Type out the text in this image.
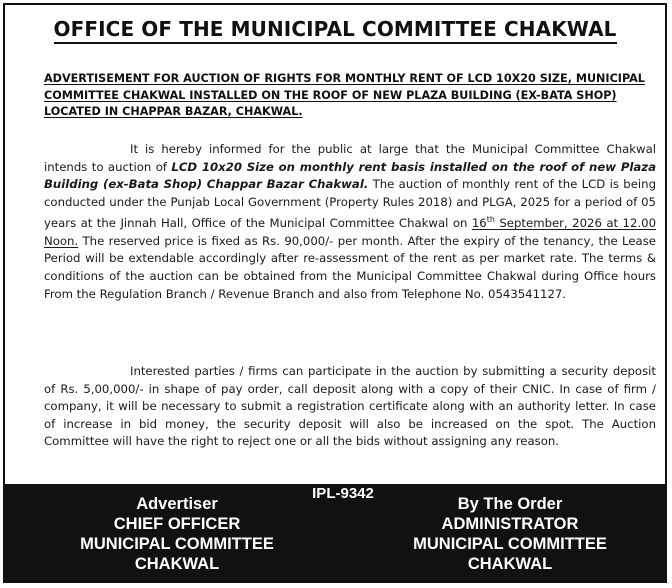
OFFICE OF THE MUNICIPAL COMMITTEE CHAKWAL
ADVERTISEMENT FOR AUCTION OF RIGHTS FOR MONTHLY RENT OF LCD 10X20 SIZE, MUNICIPAL COMMITTEE CHAKWAL INSTALLED ON THE ROOF OF NEW PLAZA BUILDING (EX-BATA SHOP) LOCATED IN CHAPPAR BAZAR, CHAKWAL.
It is hereby informed for the public at large that the Municipal Committee Chakwal intends to auction of LCD 10x20 Size on monthly rent basis installed on the roof of new Plaza Building (ex-Bata Shop) Chappar Bazar Chakwal. The auction of monthly rent of the LCD is being conducted under the Punjab Local Government (Property Rules 2018) and PLGA, 2025 for a period of 05 years at the Jinnah Hall, Office of the Municipal Committee Chakwal on 16th September, 2026 at 12.00 Noon. The reserved price is fixed as Rs. 90,000/- per month. After the expiry of the tenancy, the Lease Period will be extendable accordingly after re-assessment of the rent as per market rate. The terms & conditions of the auction can be obtained from the Municipal Committee Chakwal during Office hours From the Regulation Branch / Revenue Branch and also from Telephone No. 0543541127.
Interested parties / firms can participate in the auction by submitting a security deposit of Rs. 5,00,000/- in shape of pay order, call deposit along with a copy of their CNIC. In case of firm / company, it will be necessary to submit a registration certificate along with an authority letter. In case of increase in bid money, the security deposit will also be increased on the spot. The Auction Committee will have the right to reject one or all the bids without assigning any reason.
Advertiser
CHIEF OFFICER
MUNICIPAL COMMITTEE
CHAKWAL
IPL-9342
By The Order
ADMINISTRATOR
MUNICIPAL COMMITTEE
CHAKWAL
